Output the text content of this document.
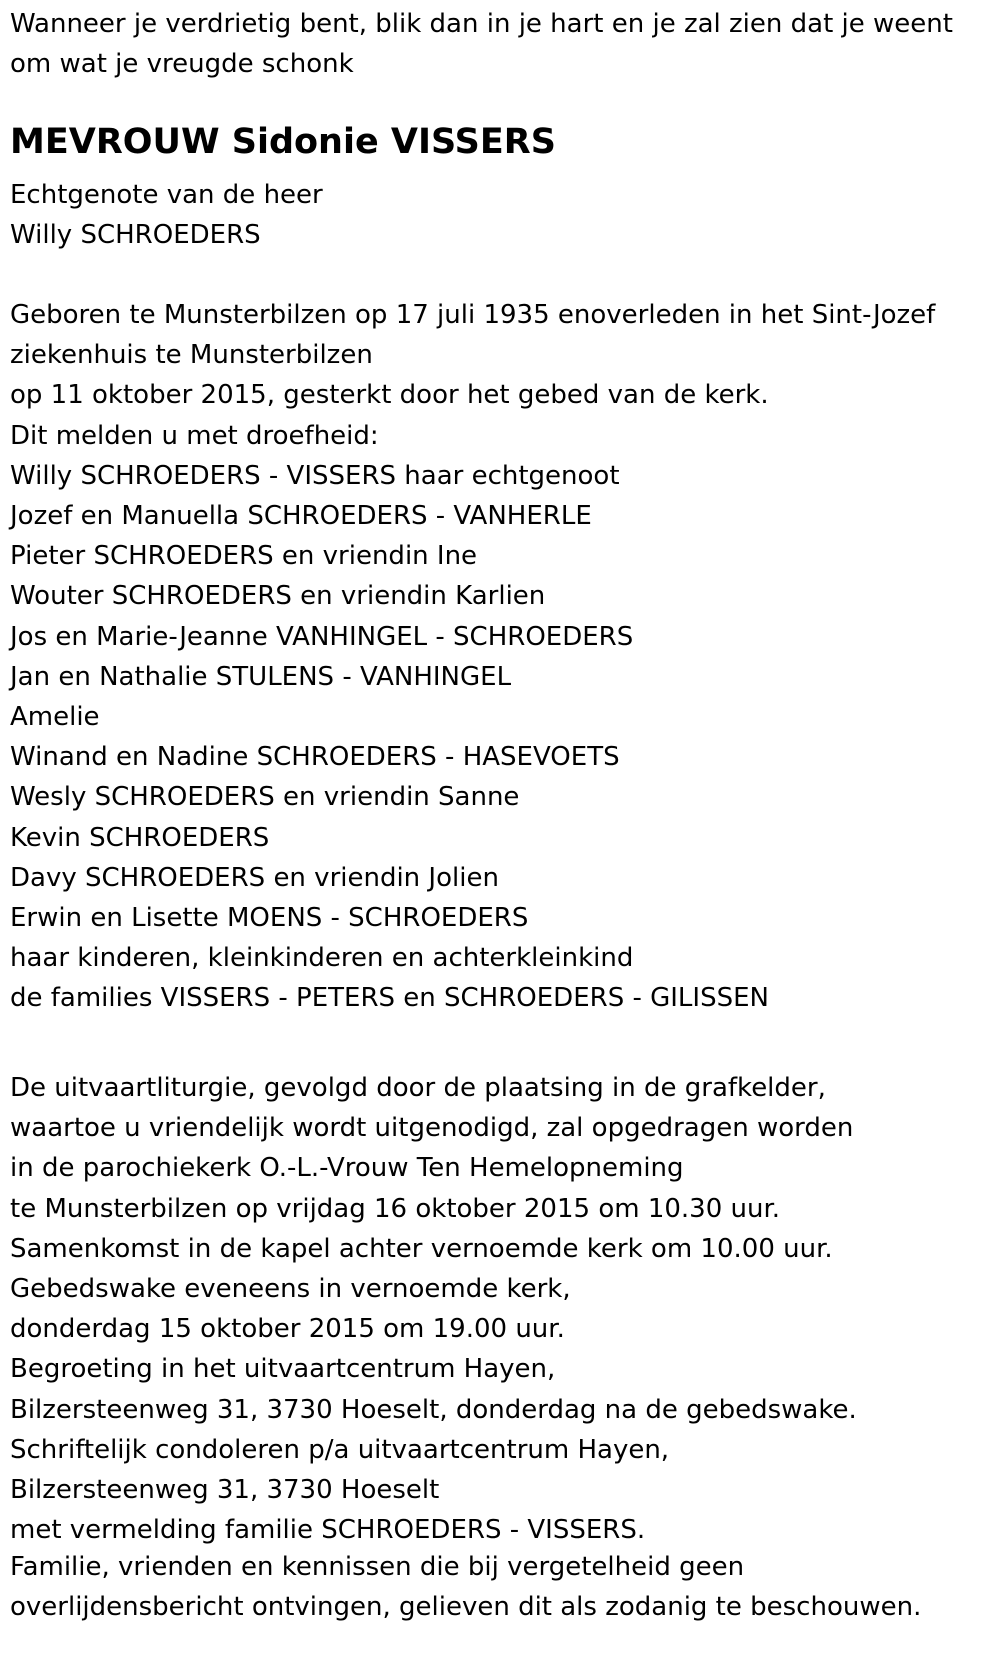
Wanneer je verdrietig bent, blik dan in je hart en je zal zien dat je weent

om wat je vreugde schonk

MEVROUW Sidonie VISSERS

Echtgenote van de heer

Willy SCHROEDERS

Geboren te Munsterbilzen op 17 juli 1935 enoverleden in het Sint-Jozef

ziekenhuis te Munsterbilzen

op 11 oktober 2015, gesterkt door het gebed van de kerk.

Dit melden u met droefheid:

Willy SCHROEDERS - VISSERS haar echtgenoot

Jozef en Manuella SCHROEDERS - VANHERLE

Pieter SCHROEDERS en vriendin Ine

Wouter SCHROEDERS en vriendin Karlien

Jos en Marie-Jeanne VANHINGEL - SCHROEDERS

Jan en Nathalie STULENS - VANHINGEL

Amelie

Winand en Nadine SCHROEDERS - HASEVOETS

Wesly SCHROEDERS en vriendin Sanne

Kevin SCHROEDERS

Davy SCHROEDERS en vriendin Jolien

Erwin en Lisette MOENS - SCHROEDERS

haar kinderen, kleinkinderen en achterkleinkind

de families VISSERS - PETERS en SCHROEDERS - GILISSEN

De uitvaartliturgie, gevolgd door de plaatsing in de grafkelder,

waartoe u vriendelijk wordt uitgenodigd, zal opgedragen worden

in de parochiekerk O.-L.-Vrouw Ten Hemelopneming

te Munsterbilzen op vrijdag 16 oktober 2015 om 10.30 uur.

Samenkomst in de kapel achter vernoemde kerk om 10.00 uur.

Gebedswake eveneens in vernoemde kerk,

donderdag 15 oktober 2015 om 19.00 uur.

Begroeting in het uitvaartcentrum Hayen,

Bilzersteenweg 31, 3730 Hoeselt, donderdag na de gebedswake.

Schriftelijk condoleren p/a uitvaartcentrum Hayen,

Bilzersteenweg 31, 3730 Hoeselt

met vermelding familie SCHROEDERS - VISSERS.

Familie, vrienden en kennissen die bij vergetelheid geen

overlijdensbericht ontvingen, gelieven dit als zodanig te beschouwen.
